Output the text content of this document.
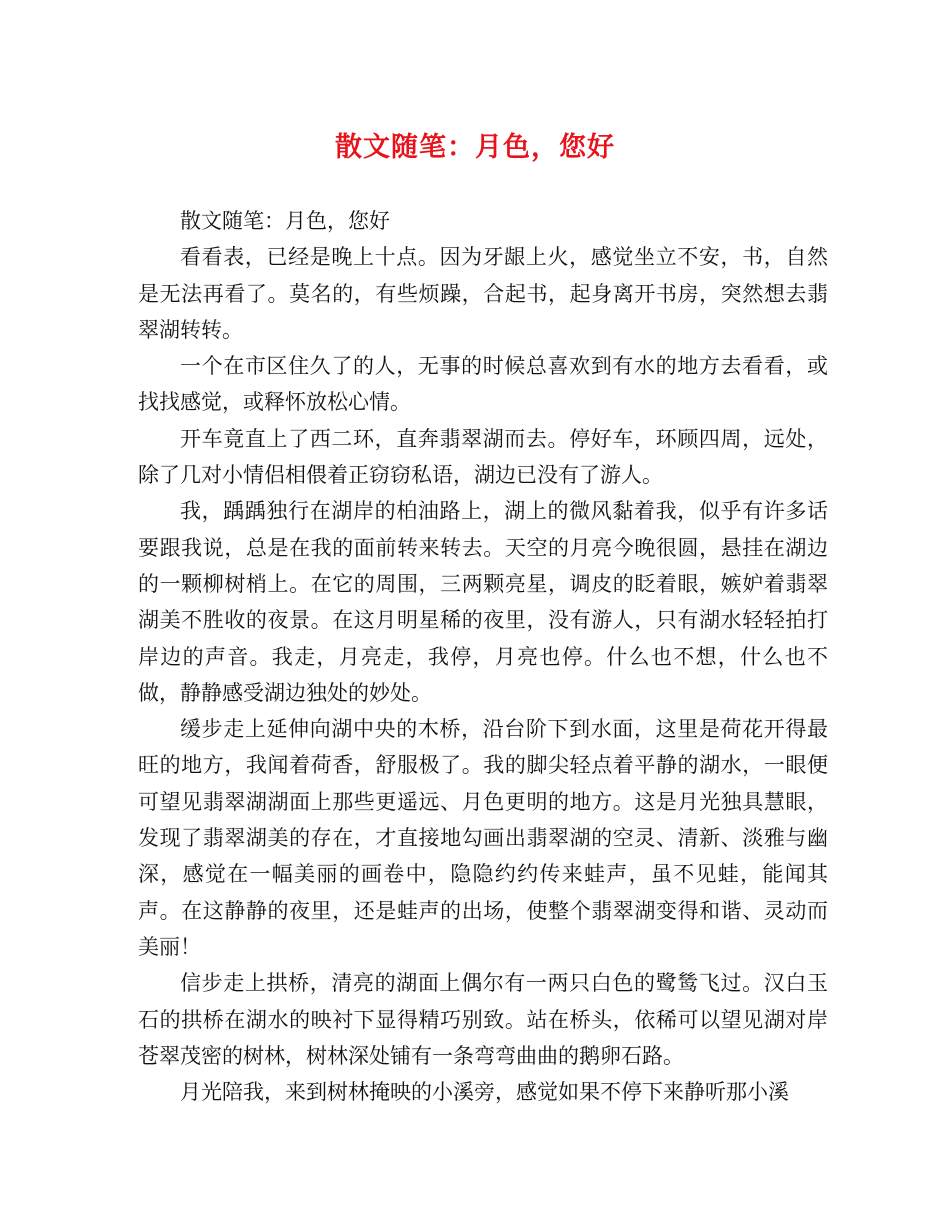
散文随笔：月色，您好

散文随笔：月色，您好

看看表，已经是晚上十点。因为牙龈上火，感觉坐立不安，书，自然是无法再看了。莫名的，有些烦躁，合起书，起身离开书房，突然想去翡翠湖转转。

一个在市区住久了的人，无事的时候总喜欢到有水的地方去看看，或找找感觉，或释怀放松心情。

开车竟直上了西二环，直奔翡翠湖而去。停好车，环顾四周，远处，除了几对小情侣相偎着正窃窃私语，湖边已没有了游人。

我，踽踽独行在湖岸的柏油路上，湖上的微风黏着我，似乎有许多话要跟我说，总是在我的面前转来转去。天空的月亮今晚很圆，悬挂在湖边的一颗柳树梢上。在它的周围，三两颗亮星，调皮的眨着眼，嫉妒着翡翠湖美不胜收的夜景。在这月明星稀的夜里，没有游人，只有湖水轻轻拍打岸边的声音。我走，月亮走，我停，月亮也停。什么也不想，什么也不做，静静感受湖边独处的妙处。

缓步走上延伸向湖中央的木桥，沿台阶下到水面，这里是荷花开得最旺的地方，我闻着荷香，舒服极了。我的脚尖轻点着平静的湖水，一眼便可望见翡翠湖湖面上那些更遥远、月色更明的地方。这是月光独具慧眼，发现了翡翠湖美的存在，才直接地勾画出翡翠湖的空灵、清新、淡雅与幽深，感觉在一幅美丽的画卷中，隐隐约约传来蛙声，虽不见蛙，能闻其声。在这静静的夜里，还是蛙声的出场，使整个翡翠湖变得和谐、灵动而美丽！

信步走上拱桥，清亮的湖面上偶尔有一两只白色的鹭鸶飞过。汉白玉石的拱桥在湖水的映衬下显得精巧别致。站在桥头，依稀可以望见湖对岸苍翠茂密的树林，树林深处铺有一条弯弯曲曲的鹅卵石路。

月光陪我，来到树林掩映的小溪旁，感觉如果不停下来静听那小溪
